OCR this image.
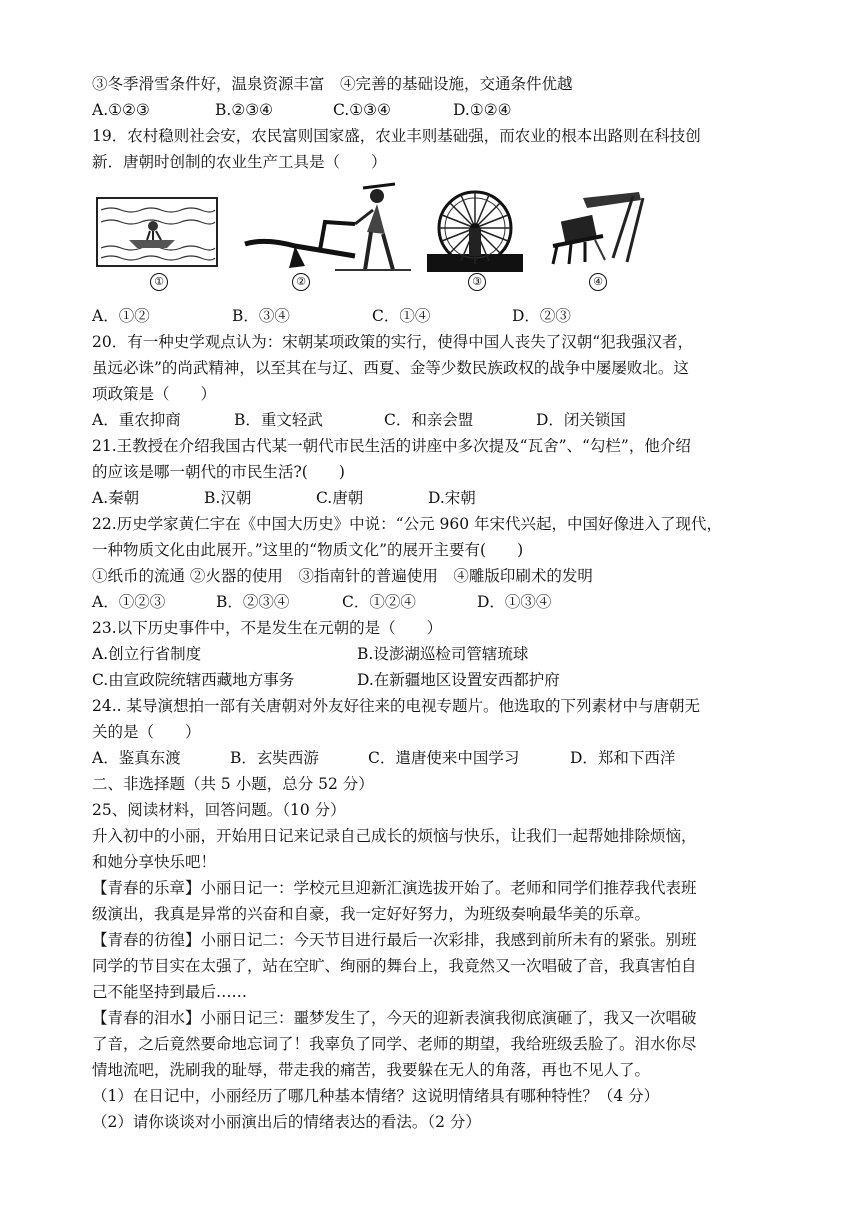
③冬季滑雪条件好，温泉资源丰富　④完善的基础设施，交通条件优越
A.①②③	B.②③④	C.①③④	D.①②④
19．农村稳则社会安，农民富则国家盛，农业丰则基础强，而农业的根本出路则在科技创
新．唐朝时创制的农业生产工具是（　　）
①	②	③	④
A．①②	B．③④	C．①④	D．②③
20．有一种史学观点认为：宋朝某项政策的实行，使得中国人丧失了汉朝“犯我强汉者，
虽远必诛”的尚武精神，以至其在与辽、西夏、金等少数民族政权的战争中屡屡败北。这
项政策是（　　）
A．重农抑商	B．重文轻武	C．和亲会盟	D．闭关锁国
21.王教授在介绍我国古代某一朝代市民生活的讲座中多次提及“瓦舍”、“勾栏”，他介绍
的应该是哪一朝代的市民生活?(　　)
A.秦朝	B.汉朝	C.唐朝	D.宋朝
22.历史学家黄仁宇在《中国大历史》中说：“公元 960 年宋代兴起，中国好像进入了现代，
一种物质文化由此展开。”这里的“物质文化”的展开主要有(　　)
①纸币的流通 ②火器的使用　③指南针的普遍使用　④雕版印刷术的发明
A．①②③	B．②③④	C．①②④	D．①③④
23.以下历史事件中，不是发生在元朝的是（　　）
A.创立行省制度	B.设澎湖巡检司管辖琉球
C.由宣政院统辖西藏地方事务	D.在新疆地区设置安西都护府
24.. 某导演想拍一部有关唐朝对外友好往来的电视专题片。他选取的下列素材中与唐朝无
关的是（　　）
A．鉴真东渡	B．玄奘西游	C．遣唐使来中国学习	D．郑和下西洋
二、非选择题（共 5 小题，总分 52 分）
25、阅读材料，回答问题。（10 分）
升入初中的小丽，开始用日记来记录自己成长的烦恼与快乐，让我们一起帮她排除烦恼，
和她分享快乐吧！
【青春的乐章】小丽日记一：学校元旦迎新汇演选拔开始了。老师和同学们推荐我代表班
级演出，我真是异常的兴奋和自豪，我一定好好努力，为班级奏响最华美的乐章。
【青春的彷徨】小丽日记二：今天节目进行最后一次彩排，我感到前所未有的紧张。别班
同学的节目实在太强了，站在空旷、绚丽的舞台上，我竟然又一次唱破了音，我真害怕自
己不能坚持到最后……
【青春的泪水】小丽日记三：噩梦发生了，今天的迎新表演我彻底演砸了，我又一次唱破
了音，之后竟然要命地忘词了！我辜负了同学、老师的期望，我给班级丢脸了。泪水你尽
情地流吧，洗刷我的耻辱，带走我的痛苦，我要躲在无人的角落，再也不见人了。
（1）在日记中，小丽经历了哪几种基本情绪？这说明情绪具有哪种特性？（4 分）
（2）请你谈谈对小丽演出后的情绪表达的看法。（2 分）
